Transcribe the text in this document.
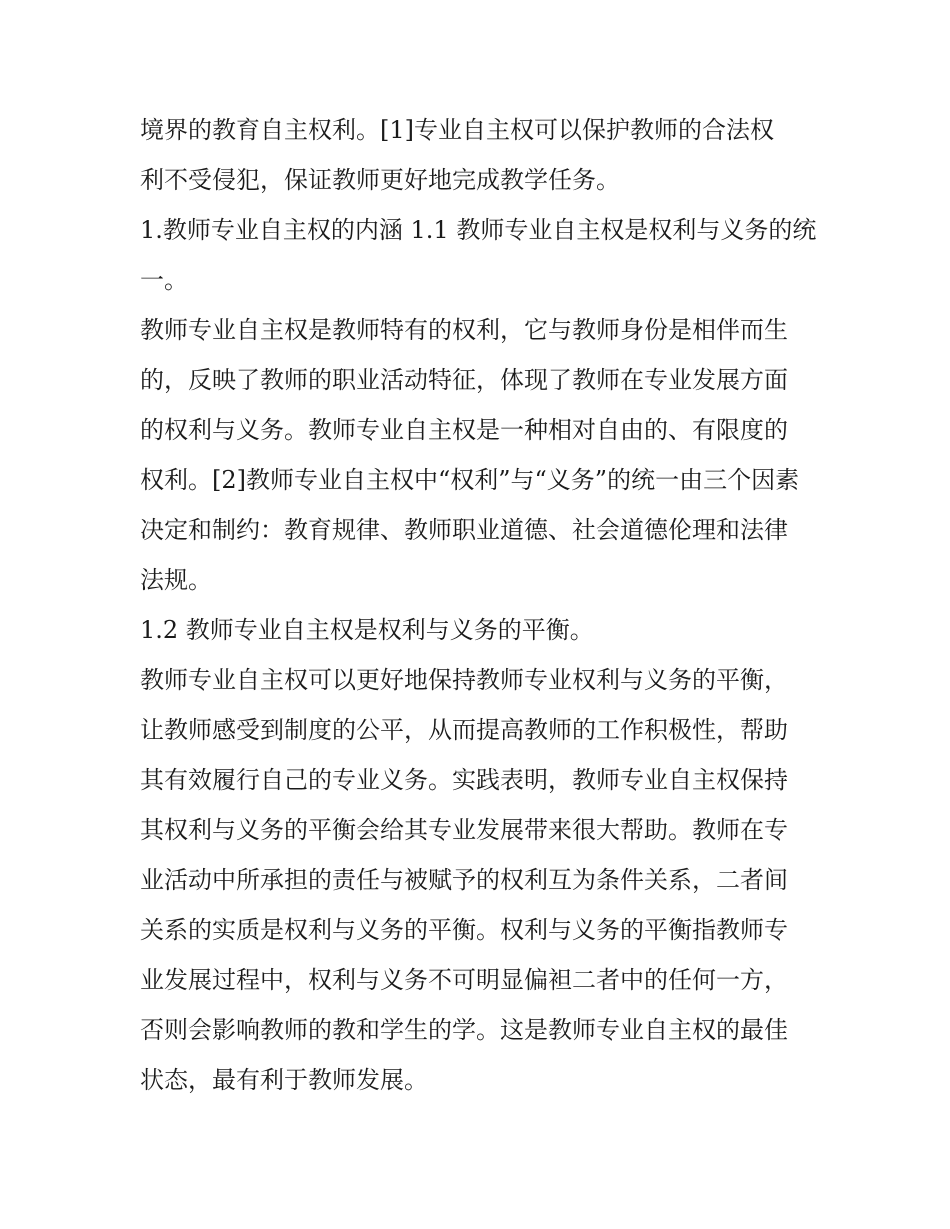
境界的教育自主权利。[1]专业自主权可以保护教师的合法权
利不受侵犯，保证教师更好地完成教学任务。
1.教师专业自主权的内涵 1.1 教师专业自主权是权利与义务的统
一。
教师专业自主权是教师特有的权利，它与教师身份是相伴而生
的，反映了教师的职业活动特征，体现了教师在专业发展方面
的权利与义务。教师专业自主权是一种相对自由的、有限度的
权利。[2]教师专业自主权中“权利”与“义务”的统一由三个因素
决定和制约：教育规律、教师职业道德、社会道德伦理和法律
法规。
1.2 教师专业自主权是权利与义务的平衡。
教师专业自主权可以更好地保持教师专业权利与义务的平衡，
让教师感受到制度的公平，从而提高教师的工作积极性，帮助
其有效履行自己的专业义务。实践表明，教师专业自主权保持
其权利与义务的平衡会给其专业发展带来很大帮助。教师在专
业活动中所承担的责任与被赋予的权利互为条件关系，二者间
关系的实质是权利与义务的平衡。权利与义务的平衡指教师专
业发展过程中，权利与义务不可明显偏袒二者中的任何一方，
否则会影响教师的教和学生的学。这是教师专业自主权的最佳
状态，最有利于教师发展。
